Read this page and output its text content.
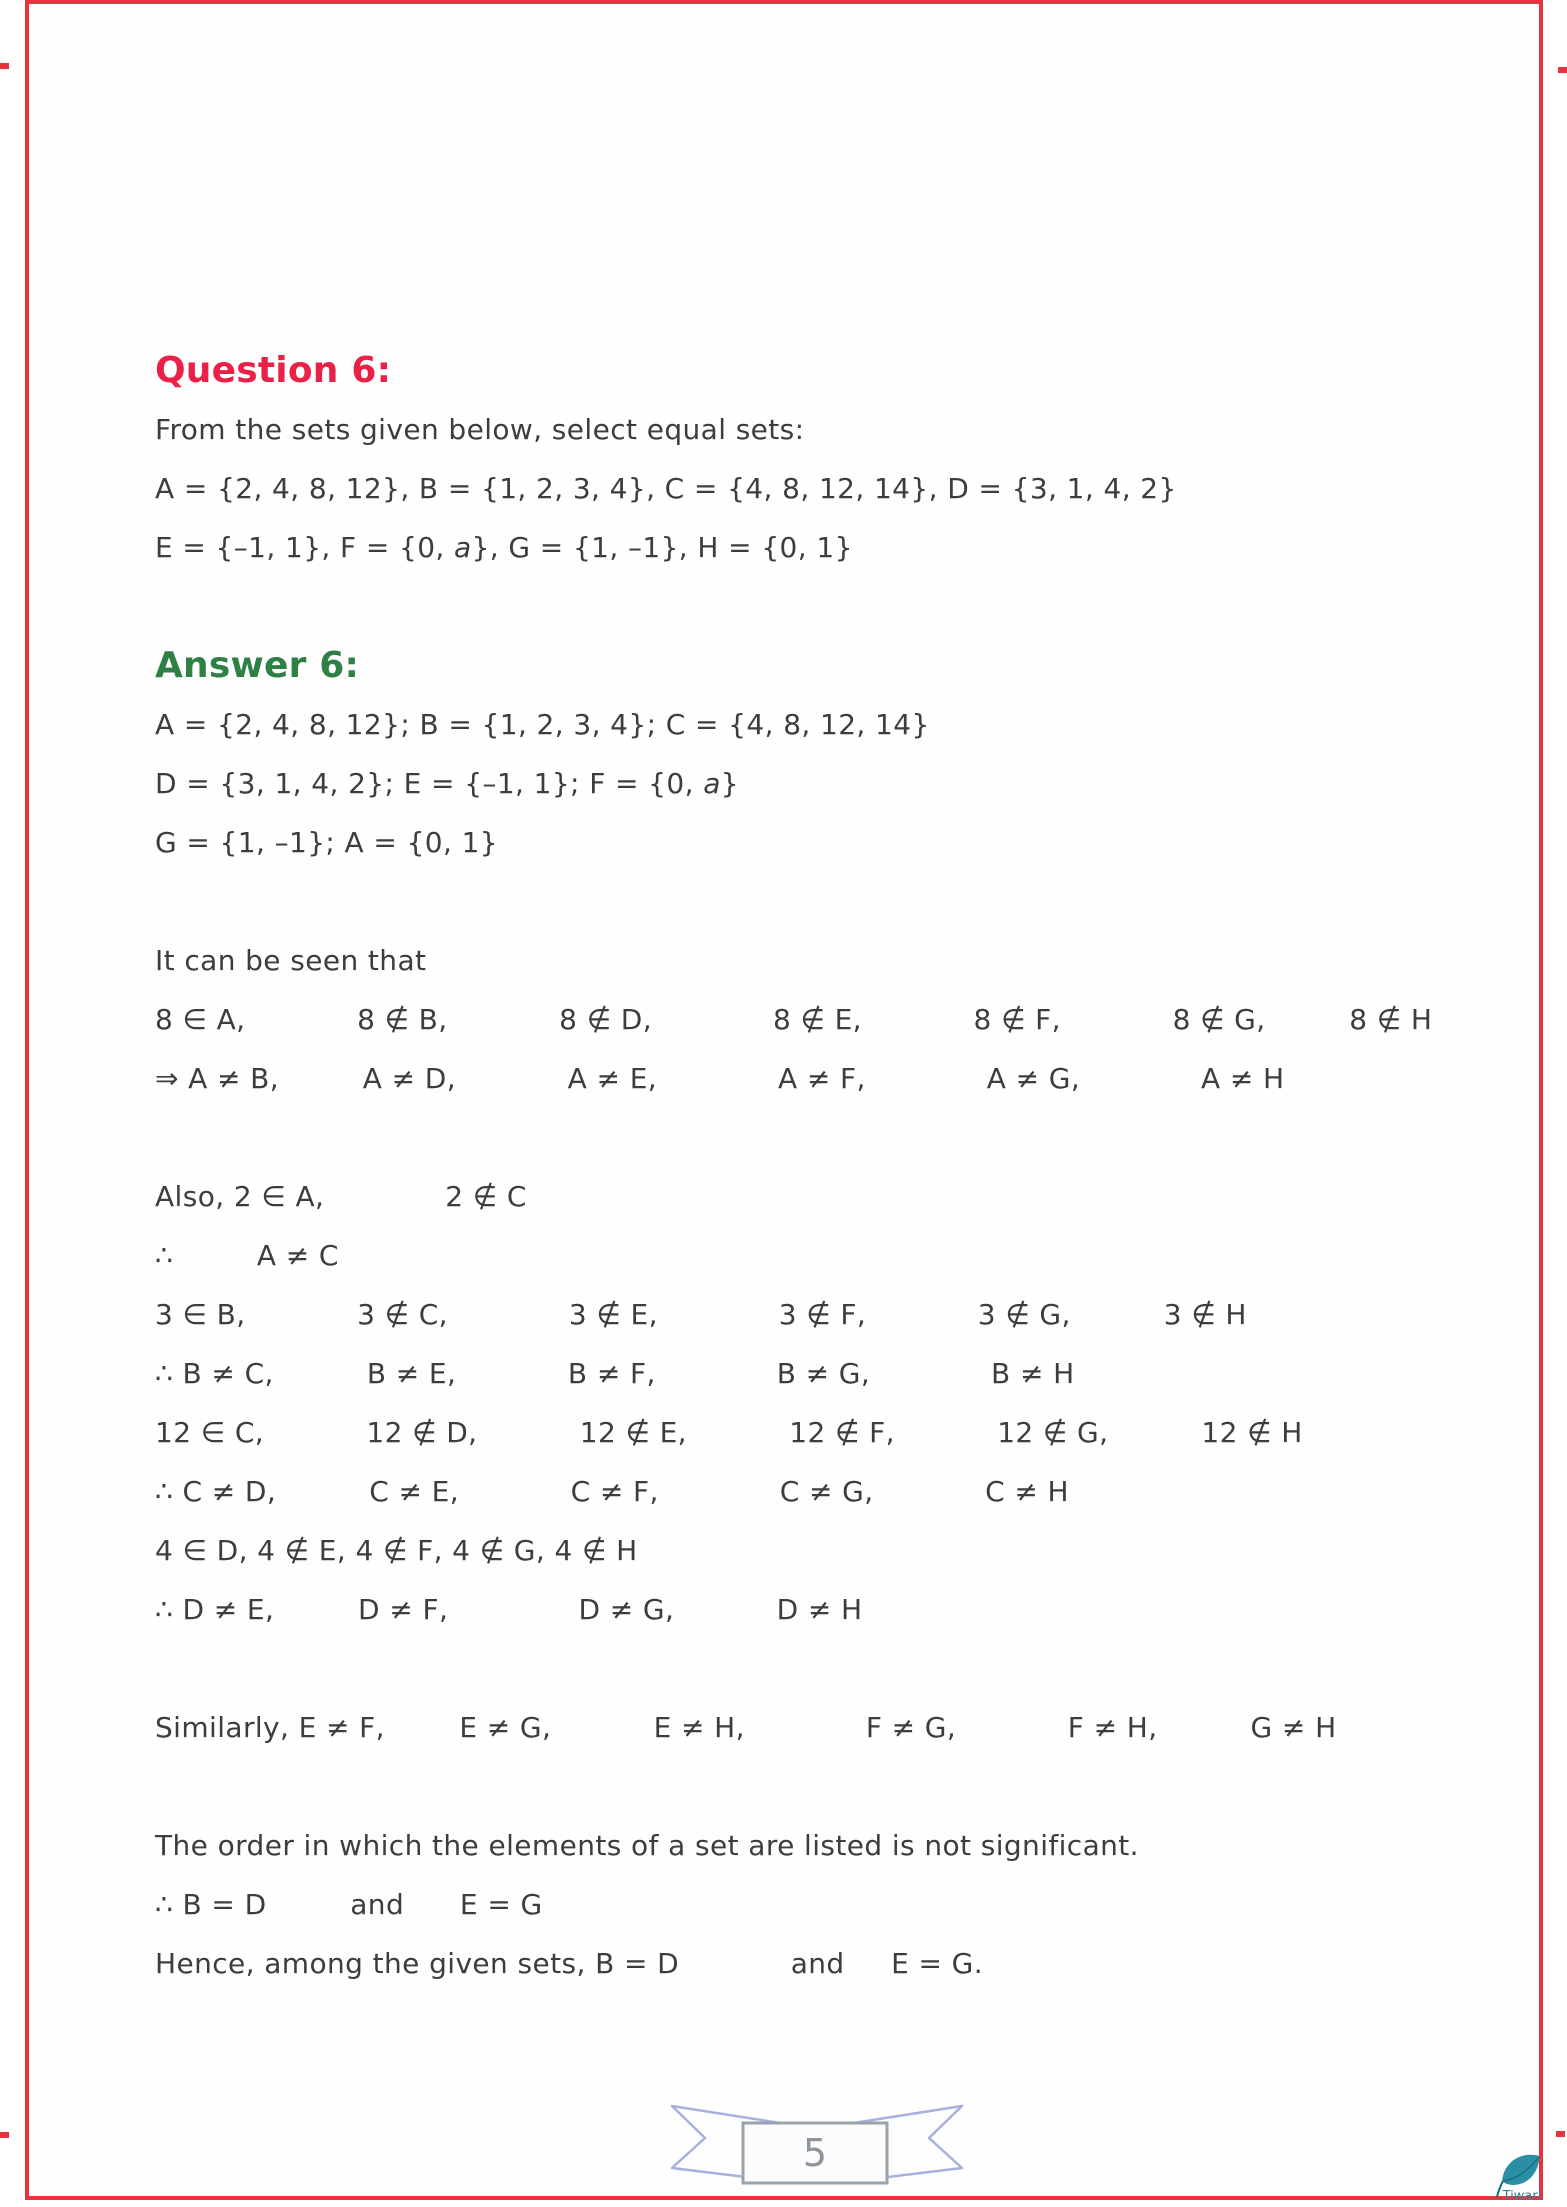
Question 6:
From the sets given below, select equal sets:
A = {2, 4, 8, 12}, B = {1, 2, 3, 4}, C = {4, 8, 12, 14}, D = {3, 1, 4, 2}
E = {–1, 1}, F = {0, a}, G = {1, –1}, H = {0, 1}
Answer 6:
A = {2, 4, 8, 12}; B = {1, 2, 3, 4}; C = {4, 8, 12, 14}
D = {3, 1, 4, 2}; E = {–1, 1}; F = {0, a}
G = {1, –1}; A = {0, 1}
It can be seen that
8 ∈ A,            8 ∉ B,            8 ∉ D,             8 ∉ E,            8 ∉ F,            8 ∉ G,         8 ∉ H
⇒ A ≠ B,         A ≠ D,            A ≠ E,             A ≠ F,             A ≠ G,             A ≠ H
Also, 2 ∈ A,             2 ∉ C
∴         A ≠ C
3 ∈ B,            3 ∉ C,             3 ∉ E,             3 ∉ F,            3 ∉ G,          3 ∉ H
∴ B ≠ C,          B ≠ E,            B ≠ F,             B ≠ G,             B ≠ H
12 ∈ C,           12 ∉ D,           12 ∉ E,           12 ∉ F,           12 ∉ G,          12 ∉ H
∴ C ≠ D,          C ≠ E,            C ≠ F,             C ≠ G,            C ≠ H
4 ∈ D, 4 ∉ E, 4 ∉ F, 4 ∉ G, 4 ∉ H
∴ D ≠ E,         D ≠ F,              D ≠ G,           D ≠ H
Similarly, E ≠ F,        E ≠ G,           E ≠ H,             F ≠ G,            F ≠ H,          G ≠ H
The order in which the elements of a set are listed is not significant.
∴ B = D         and      E = G
Hence, among the given sets, B = D            and     E = G.
5
Tiwari
